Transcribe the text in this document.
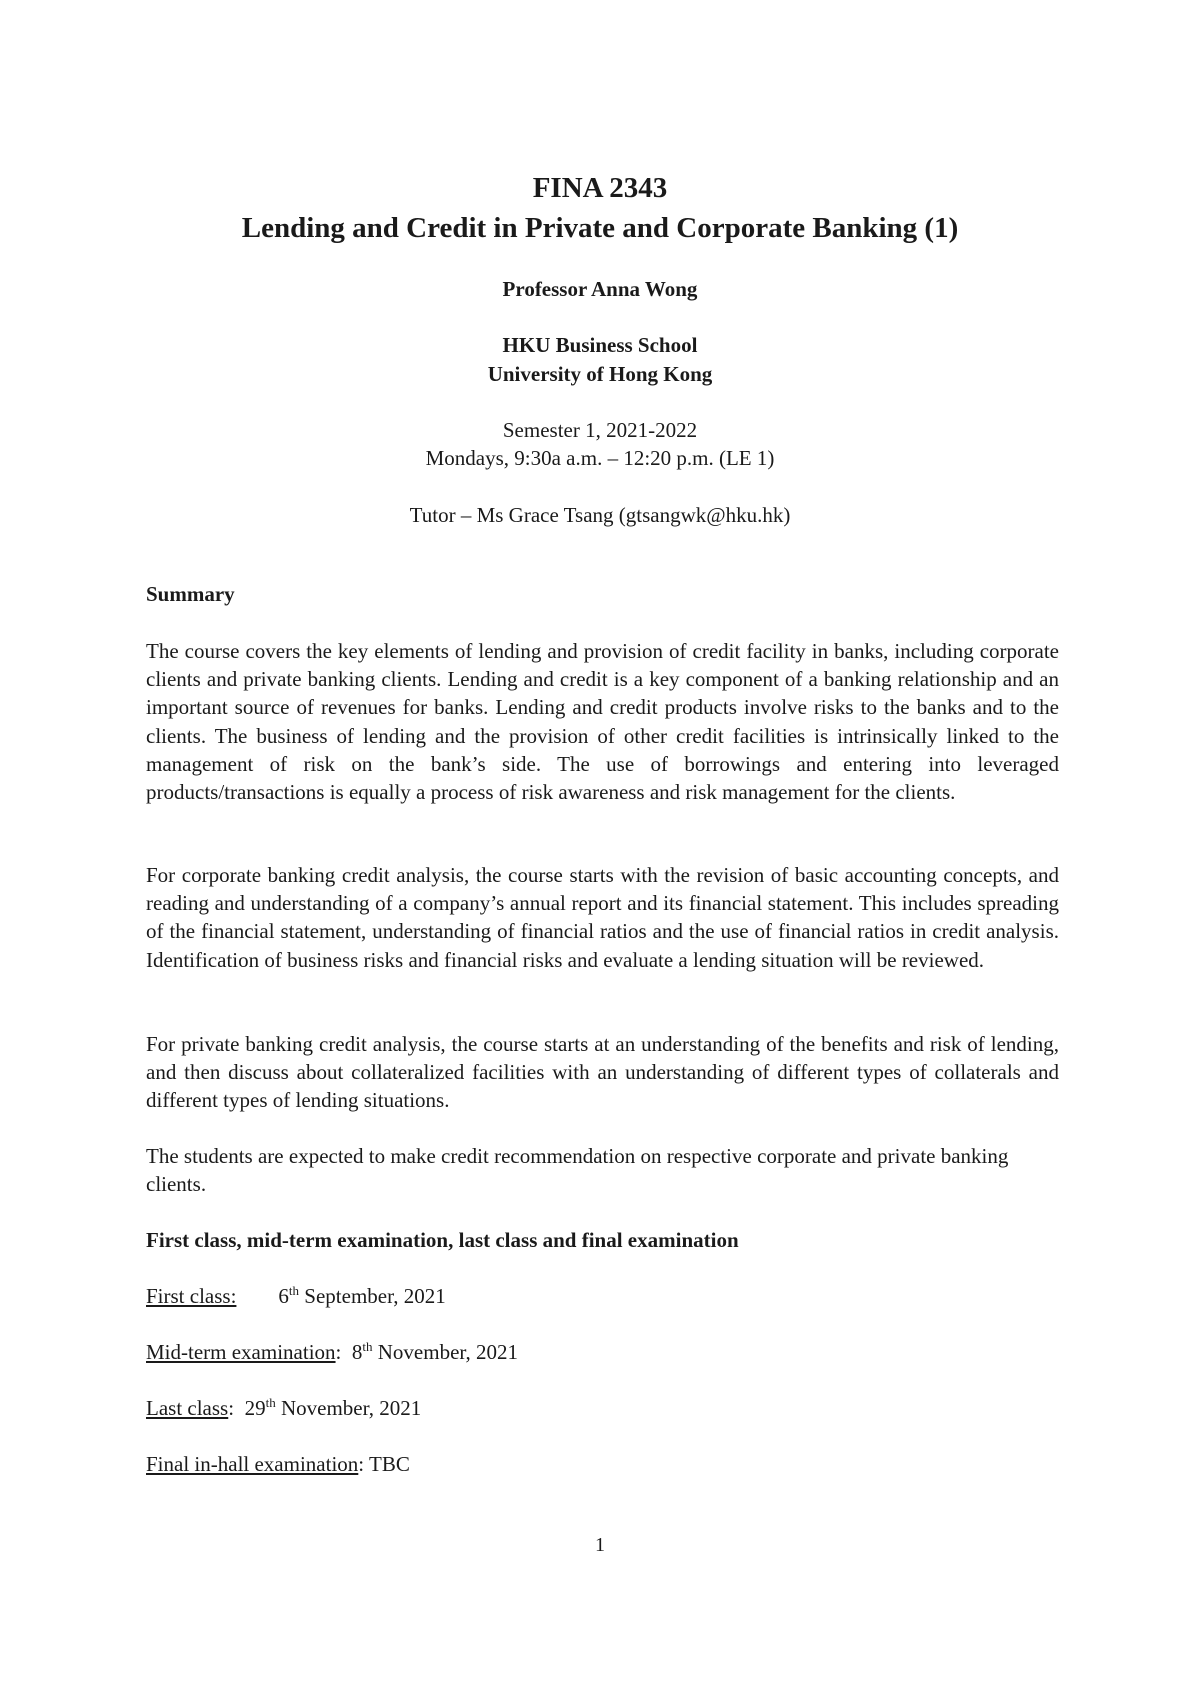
FINA 2343
Lending and Credit in Private and Corporate Banking (1)
Professor Anna Wong
HKU Business School
University of Hong Kong
Semester 1, 2021-2022
Mondays, 9:30a a.m. – 12:20 p.m. (LE 1)
Tutor – Ms Grace Tsang (gtsangwk@hku.hk)
Summary
The course covers the key elements of lending and provision of credit facility in banks, including corporate clients and private banking clients. Lending and credit is a key component of a banking relationship and an important source of revenues for banks. Lending and credit products involve risks to the banks and to the clients. The business of lending and the provision of other credit facilities is intrinsically linked to the management of risk on the bank’s side. The use of borrowings and entering into leveraged products/transactions is equally a process of risk awareness and risk management for the clients.
For corporate banking credit analysis, the course starts with the revision of basic accounting concepts, and reading and understanding of a company’s annual report and its financial statement. This includes spreading of the financial statement, understanding of financial ratios and the use of financial ratios in credit analysis. Identification of business risks and financial risks and evaluate a lending situation will be reviewed.
For private banking credit analysis, the course starts at an understanding of the benefits and risk of lending, and then discuss about collateralized facilities with an understanding of different types of collaterals and different types of lending situations.
The students are expected to make credit recommendation on respective corporate and private banking clients.
First class, mid-term examination, last class and final examination
First class: 6th September, 2021
Mid-term examination:  8th November, 2021
Last class:  29th November, 2021
Final in-hall examination: TBC
1
